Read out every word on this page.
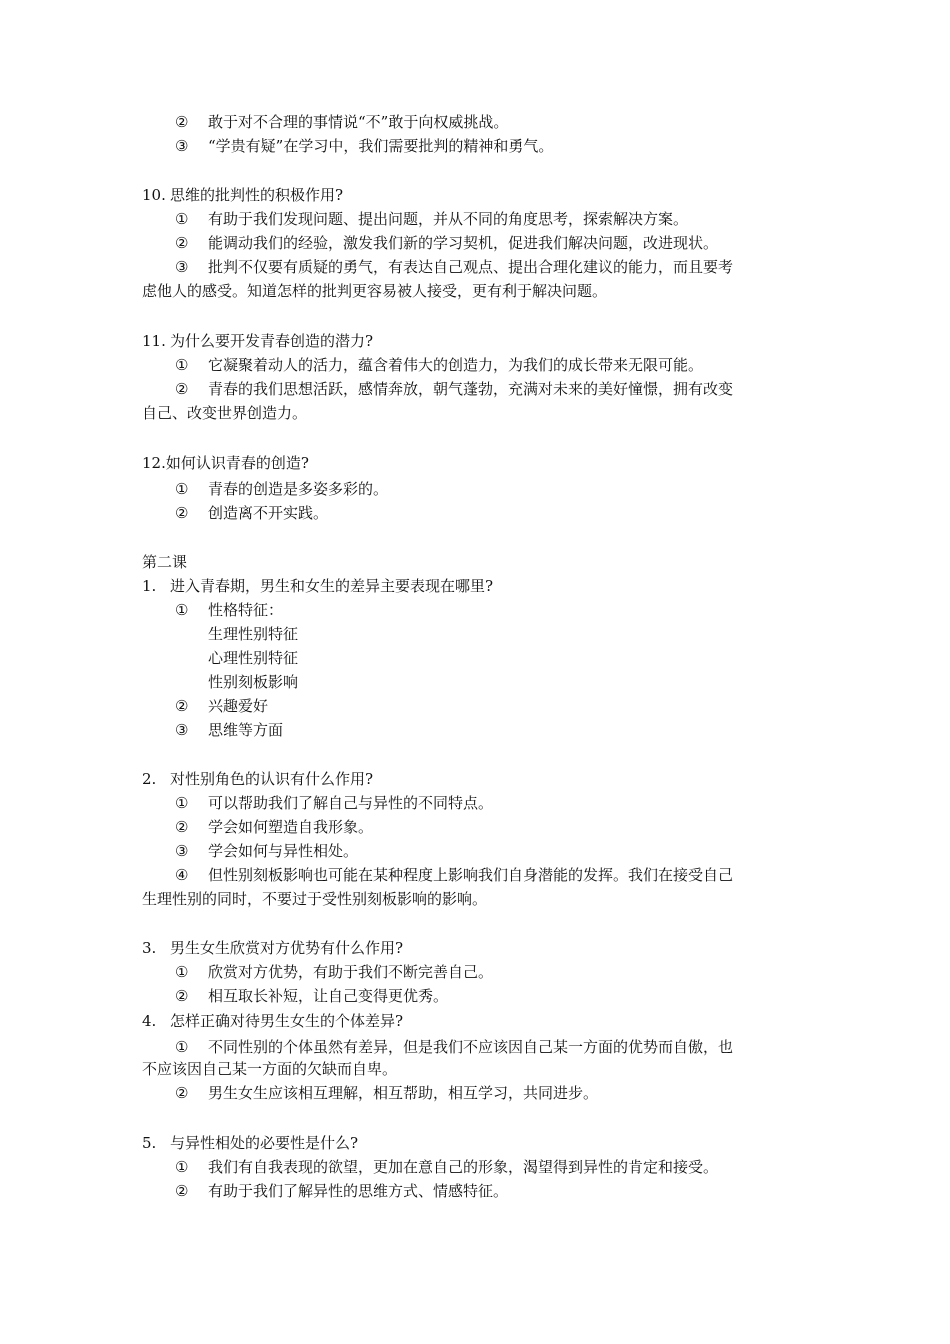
② 敢于对不合理的事情说“不”敢于向权威挑战。
③ “学贵有疑”在学习中，我们需要批判的精神和勇气。
10. 思维的批判性的积极作用?
① 有助于我们发现问题、提出问题，并从不同的角度思考，探索解决方案。
② 能调动我们的经验，激发我们新的学习契机，促进我们解决问题，改进现状。
③ 批判不仅要有质疑的勇气，有表达自己观点、提出合理化建议的能力，而且要考
虑他人的感受。知道怎样的批判更容易被人接受，更有利于解决问题。
11. 为什么要开发青春创造的潜力?
① 它凝聚着动人的活力，蕴含着伟大的创造力，为我们的成长带来无限可能。
② 青春的我们思想活跃，感情奔放，朝气蓬勃，充满对未来的美好憧憬，拥有改变
自己、改变世界创造力。
12.如何认识青春的创造?
① 青春的创造是多姿多彩的。
② 创造离不开实践。
第二课
1. 进入青春期，男生和女生的差异主要表现在哪里?
① 性格特征：
生理性别特征
心理性别特征
性别刻板影响
② 兴趣爱好
③ 思维等方面
2. 对性别角色的认识有什么作用?
① 可以帮助我们了解自己与异性的不同特点。
② 学会如何塑造自我形象。
③ 学会如何与异性相处。
④ 但性别刻板影响也可能在某种程度上影响我们自身潜能的发挥。我们在接受自己
生理性别的同时，不要过于受性别刻板影响的影响。
3. 男生女生欣赏对方优势有什么作用?
① 欣赏对方优势，有助于我们不断完善自己。
② 相互取长补短，让自己变得更优秀。
4. 怎样正确对待男生女生的个体差异?
① 不同性别的个体虽然有差异，但是我们不应该因自己某一方面的优势而自傲，也
不应该因自己某一方面的欠缺而自卑。
② 男生女生应该相互理解，相互帮助，相互学习，共同进步。
5. 与异性相处的必要性是什么?
① 我们有自我表现的欲望，更加在意自己的形象，渴望得到异性的肯定和接受。
② 有助于我们了解异性的思维方式、情感特征。
